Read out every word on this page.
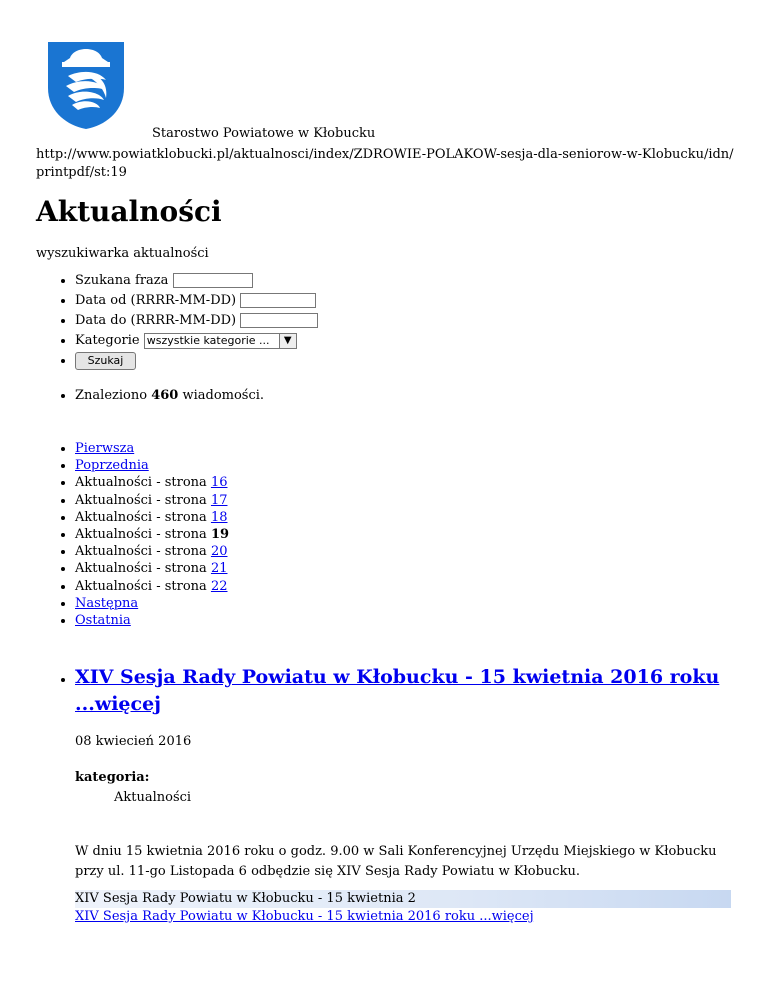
Starostwo Powiatowe w Kłobucku
http://www.powiatklobucki.pl/aktualnosci/index/ZDROWIE-POLAKOW-sesja-dla-seniorow-w-Klobucku/idn/printpdf/st:19
Aktualności
wyszukiwarka aktualności
• Szukana fraza
• Data od (RRRR-MM-DD)
• Data do (RRRR-MM-DD)
• Kategorie wszystkie kategorie ...	▼
• Szukaj
• Znaleziono 460 wiadomości.
• Pierwsza
• Poprzednia
• Aktualności - strona 16
• Aktualności - strona 17
• Aktualności - strona 18
• Aktualności - strona 19
• Aktualności - strona 20
• Aktualności - strona 21
• Aktualności - strona 22
• Następna
• Ostatnia
• XIV Sesja Rady Powiatu w Kłobucku - 15 kwietnia 2016 roku ...więcej
08 kwiecień 2016
kategoria:
Aktualności
W dniu 15 kwietnia 2016 roku o godz. 9.00 w Sali Konferencyjnej Urzędu Miejskiego w Kłobucku przy ul. 11-go Listopada 6 odbędzie się XIV Sesja Rady Powiatu w Kłobucku.
XIV Sesja Rady Powiatu w Kłobucku - 15 kwietnia 2
XIV Sesja Rady Powiatu w Kłobucku - 15 kwietnia 2016 roku ...więcej
